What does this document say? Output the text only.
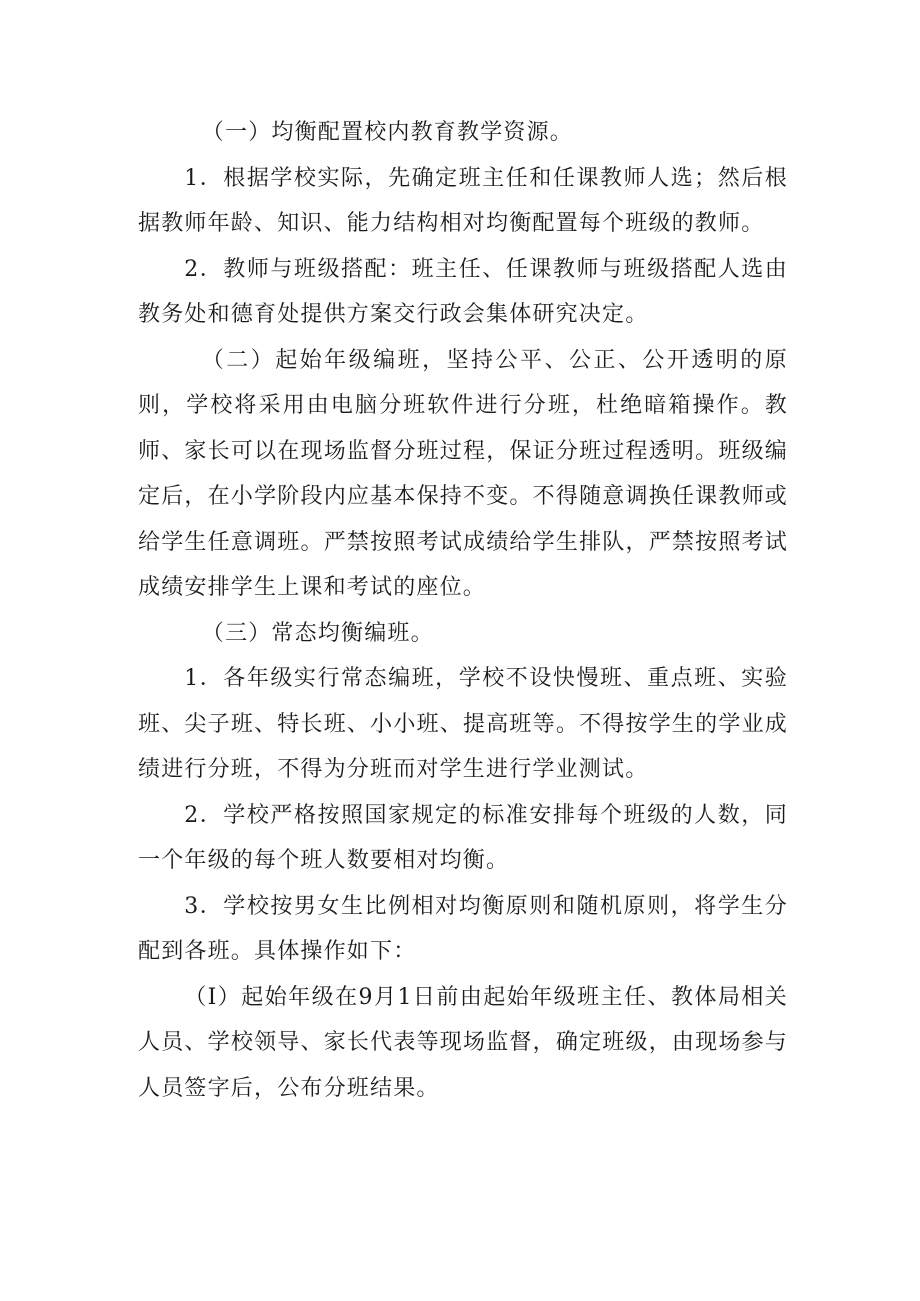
（一）均衡配置校内教育教学资源。

1．根据学校实际，先确定班主任和任课教师人选；然后根据教师年龄、知识、能力结构相对均衡配置每个班级的教师。

2．教师与班级搭配：班主任、任课教师与班级搭配人选由教务处和德育处提供方案交行政会集体研究决定。

（二）起始年级编班，坚持公平、公正、公开透明的原则，学校将采用由电脑分班软件进行分班，杜绝暗箱操作。教师、家长可以在现场监督分班过程，保证分班过程透明。班级编定后，在小学阶段内应基本保持不变。不得随意调换任课教师或给学生任意调班。严禁按照考试成绩给学生排队，严禁按照考试成绩安排学生上课和考试的座位。

（三）常态均衡编班。

1．各年级实行常态编班，学校不设快慢班、重点班、实验班、尖子班、特长班、小小班、提高班等。不得按学生的学业成绩进行分班，不得为分班而对学生进行学业测试。

2．学校严格按照国家规定的标准安排每个班级的人数，同一个年级的每个班人数要相对均衡。

3．学校按男女生比例相对均衡原则和随机原则，将学生分配到各班。具体操作如下：

（I）起始年级在9月1日前由起始年级班主任、教体局相关人员、学校领导、家长代表等现场监督，确定班级，由现场参与人员签字后，公布分班结果。
